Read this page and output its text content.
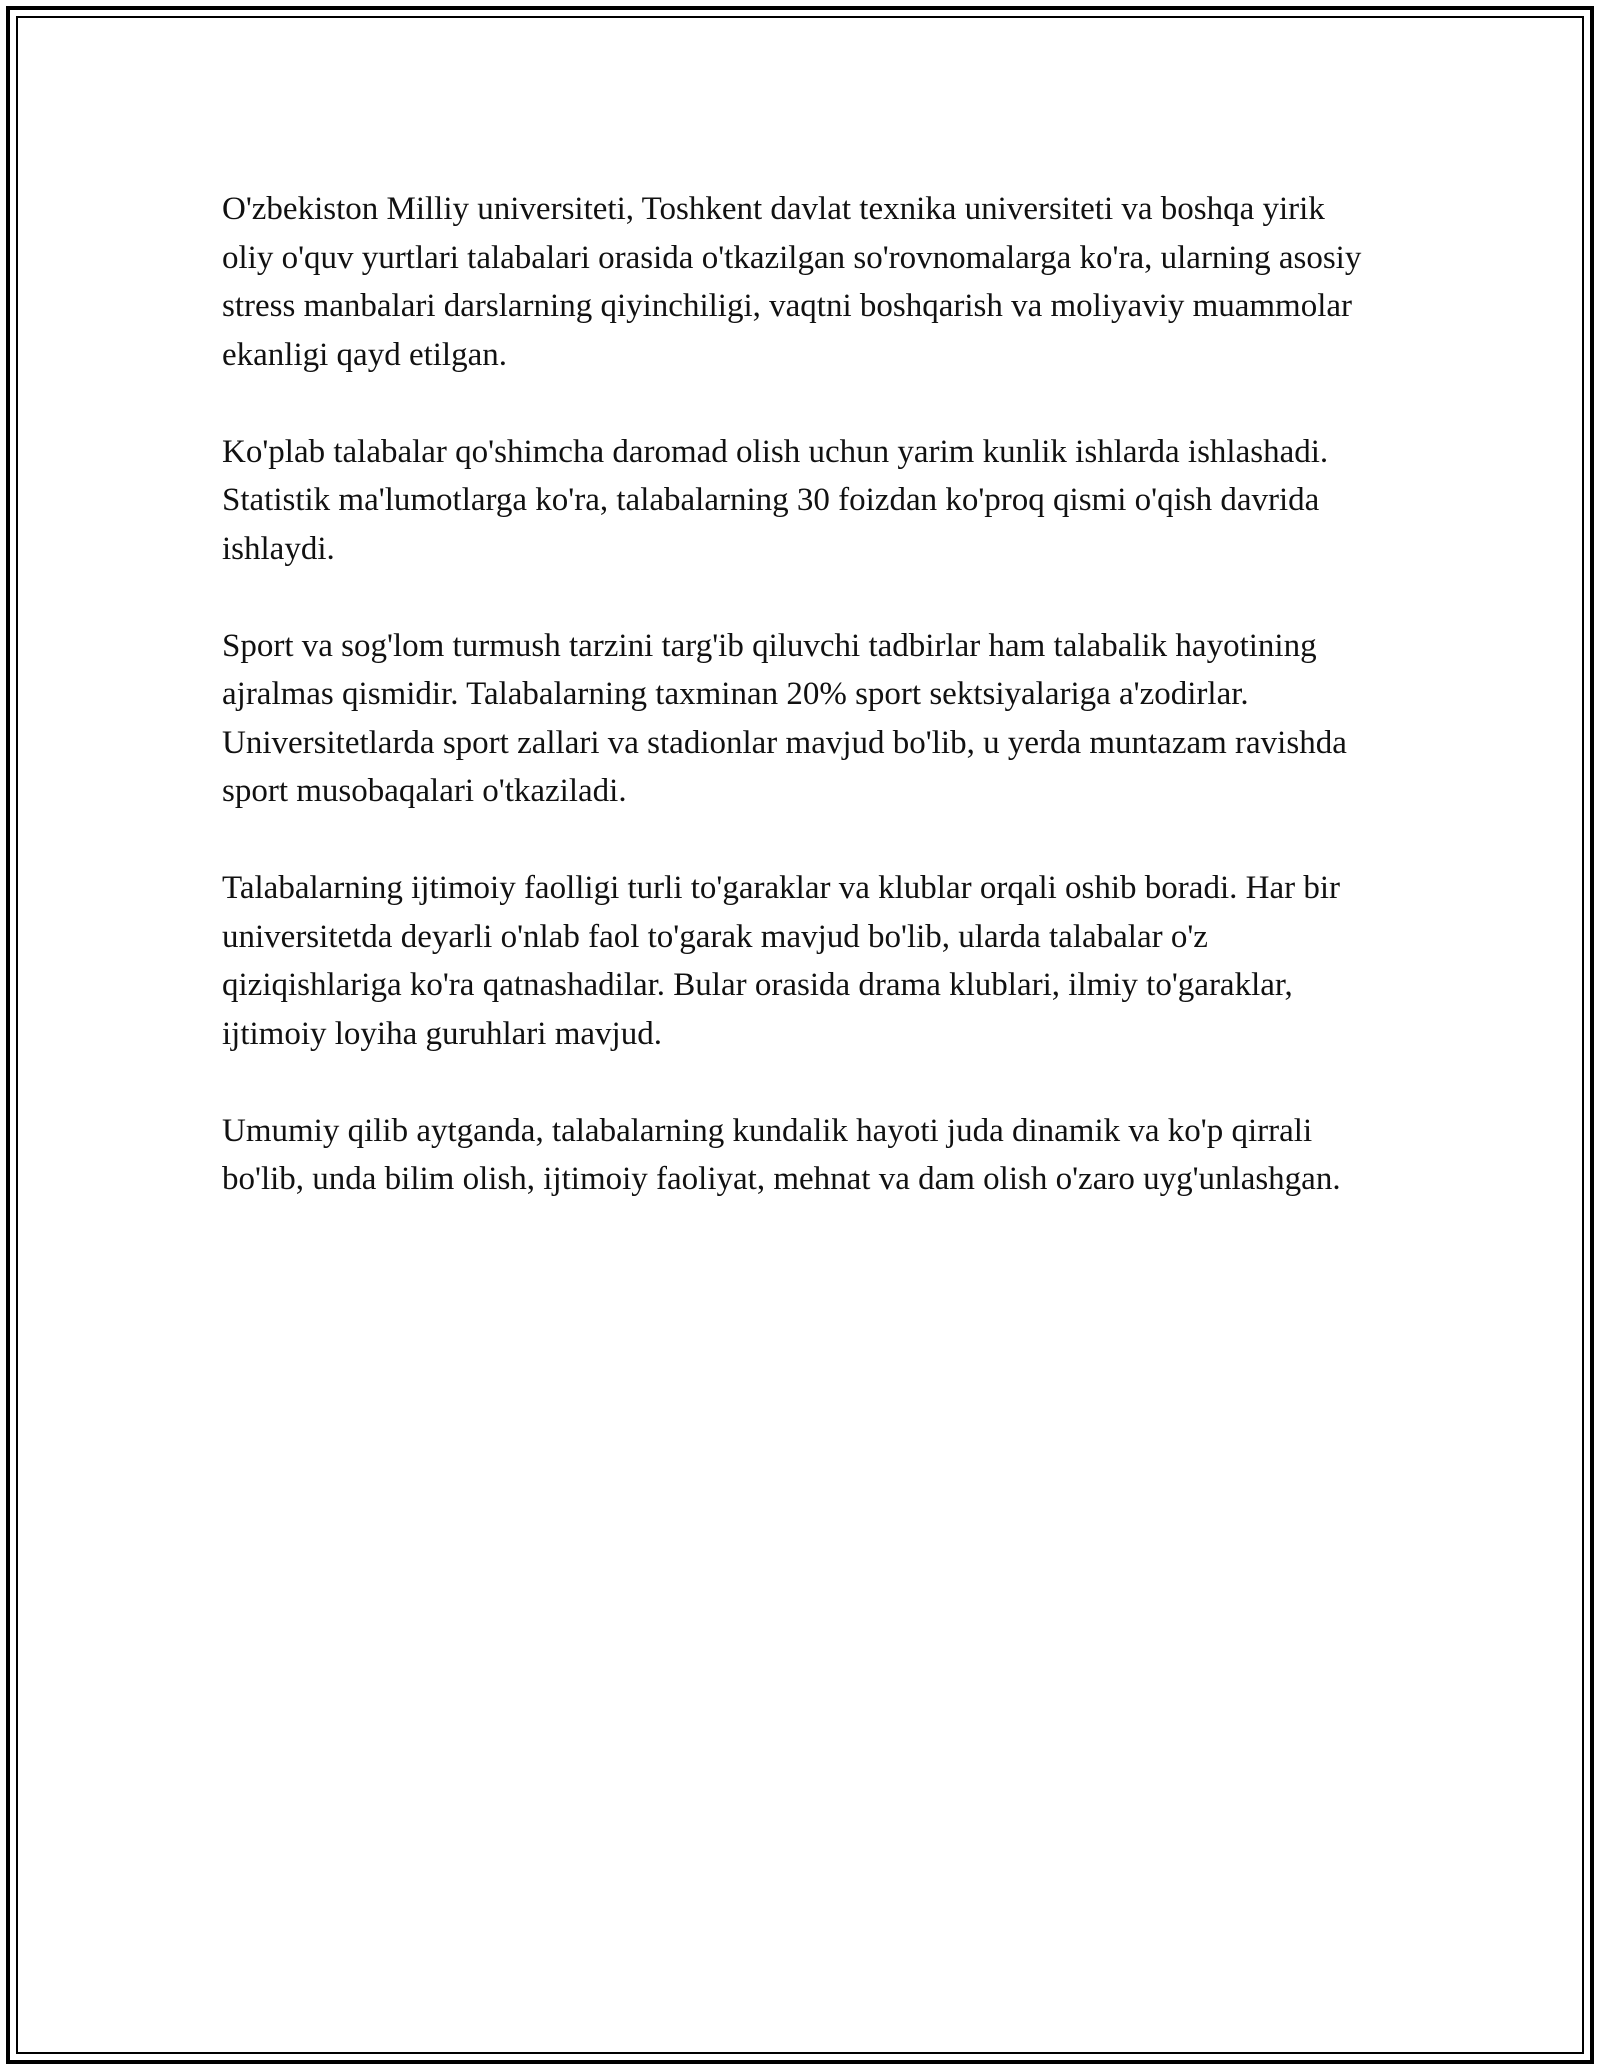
O'zbekiston Milliy universiteti, Toshkent davlat texnika universiteti va boshqa yirik oliy o'quv yurtlari talabalari orasida o'tkazilgan so'rovnomalarga ko'ra, ularning asosiy stress manbalari darslarning qiyinchiligi, vaqtni boshqarish va moliyaviy muammolar ekanligi qayd etilgan.

Ko'plab talabalar qo'shimcha daromad olish uchun yarim kunlik ishlarda ishlashadi. Statistik ma'lumotlarga ko'ra, talabalarning 30 foizdan ko'proq qismi o'qish davrida ishlaydi.

Sport va sog'lom turmush tarzini targ'ib qiluvchi tadbirlar ham talabalik hayotining ajralmas qismidir. Talabalarning taxminan 20% sport sektsiyalariga a'zodirlar. Universitetlarda sport zallari va stadionlar mavjud bo'lib, u yerda muntazam ravishda sport musobaqalari o'tkaziladi.

Talabalarning ijtimoiy faolligi turli to'garaklar va klublar orqali oshib boradi. Har bir universitetda deyarli o'nlab faol to'garak mavjud bo'lib, ularda talabalar o'z qiziqishlariga ko'ra qatnashadilar. Bular orasida drama klublari, ilmiy to'garaklar, ijtimoiy loyiha guruhlari mavjud.

Umumiy qilib aytganda, talabalarning kundalik hayoti juda dinamik va ko'p qirrali bo'lib, unda bilim olish, ijtimoiy faoliyat, mehnat va dam olish o'zaro uyg'unlashgan.
